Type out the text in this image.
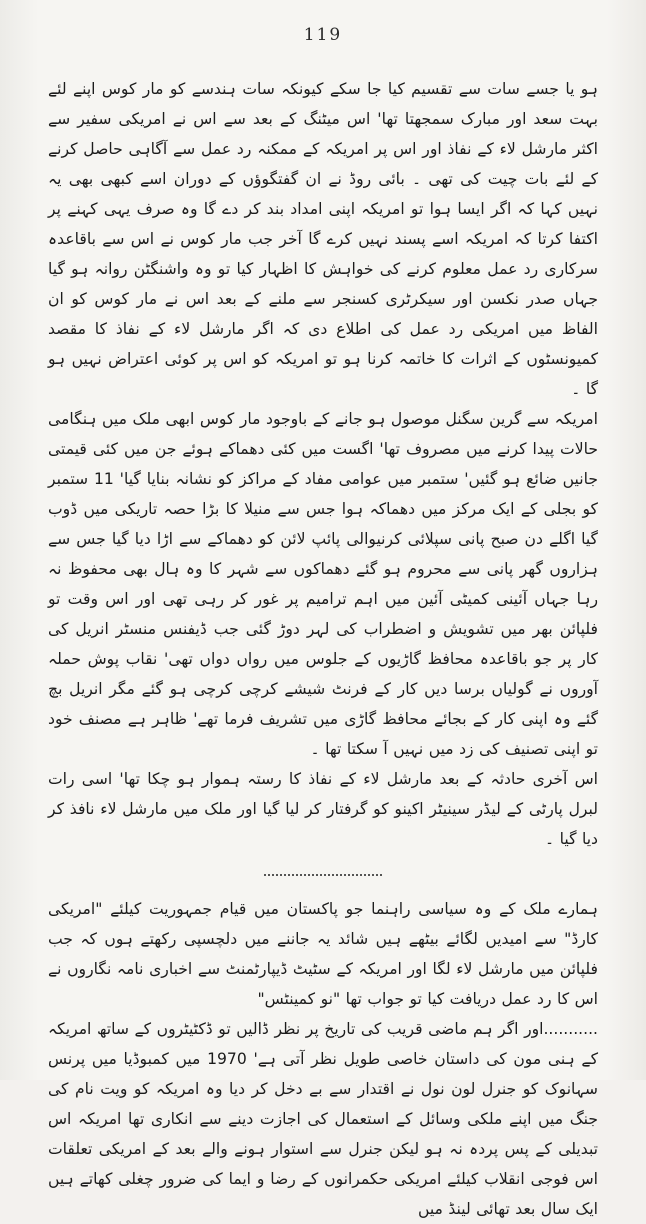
119

ہو یا جسے سات سے تقسیم کیا جا سکے کیونکہ سات ہندسے کو مار کوس اپنے لئے بہت سعد اور مبارک سمجھتا تھا' اس میٹنگ کے بعد سے اس نے امریکی سفیر سے اکثر مارشل لاء کے نفاذ اور اس پر امریکہ کے ممکنہ رد عمل سے آگاہی حاصل کرنے کے لئے بات چیت کی تھی ۔ بائی روڈ نے ان گفتگوؤں کے دوران اسے کبھی بھی یہ نہیں کہا کہ اگر ایسا ہوا تو امریکہ اپنی امداد بند کر دے گا وہ صرف یہی کہنے پر اکتفا کرتا کہ امریکہ اسے پسند نہیں کرے گا آخر جب مار کوس نے اس سے باقاعدہ سرکاری رد عمل معلوم کرنے کی خواہش کا اظہار کیا تو وہ واشنگٹن روانہ ہو گیا جہاں صدر نکسن اور سیکرٹری کسنجر سے ملنے کے بعد اس نے مار کوس کو ان الفاظ میں امریکی رد عمل کی اطلاع دی کہ اگر مارشل لاء کے نفاذ کا مقصد کمیونسٹوں کے اثرات کا خاتمہ کرنا ہو تو امریکہ کو اس پر کوئی اعتراض نہیں ہو گا ۔

امریکہ سے گرین سگنل موصول ہو جانے کے باوجود مار کوس ابھی ملک میں ہنگامی حالات پیدا کرنے میں مصروف تھا' اگست میں کئی دھماکے ہوئے جن میں کئی قیمتی جانیں ضائع ہو گئیں' ستمبر میں عوامی مفاد کے مراکز کو نشانہ بنایا گیا' 11 ستمبر کو بجلی کے ایک مرکز میں دھماکہ ہوا جس سے منیلا کا بڑا حصہ تاریکی میں ڈوب گیا اگلے دن صبح پانی سپلائی کرنیوالی پائپ لائن کو دھماکے سے اڑا دیا گیا جس سے ہزاروں گھر پانی سے محروم ہو گئے دھماکوں سے شہر کا وہ ہال بھی محفوظ نہ رہا جہاں آئینی کمیٹی آئین میں اہم ترامیم پر غور کر رہی تھی اور اس وقت تو فلپائن بھر میں تشویش و اضطراب کی لہر دوڑ گئی جب ڈیفنس منسٹر انریل کی کار پر جو باقاعدہ محافظ گاڑیوں کے جلوس میں رواں دواں تھی' نقاب پوش حملہ آوروں نے گولیاں برسا دیں کار کے فرنٹ شیشے کرچی کرچی ہو گئے مگر انریل بچ گئے وہ اپنی کار کے بجائے محافظ گاڑی میں تشریف فرما تھے' ظاہر ہے مصنف خود تو اپنی تصنیف کی زد میں نہیں آ سکتا تھا ۔

اس آخری حادثہ کے بعد مارشل لاء کے نفاذ کا رستہ ہموار ہو چکا تھا' اسی رات لبرل پارٹی کے لیڈر سینیٹر اکینو کو گرفتار کر لیا گیا اور ملک میں مارشل لاء نافذ کر دیا گیا ۔

ہمارے ملک کے وہ سیاسی راہنما جو پاکستان میں قیام جمہوریت کیلئے "امریکی کارڈ" سے امیدیں لگائے بیٹھے ہیں شائد یہ جاننے میں دلچسپی رکھتے ہوں کہ جب فلپائن میں مارشل لاء لگا اور امریکہ کے سٹیٹ ڈیپارٹمنٹ سے اخباری نامہ نگاروں نے اس کا رد عمل دریافت کیا تو جواب تھا "نو کمینٹس"

...........اور اگر ہم ماضی قریب کی تاریخ پر نظر ڈالیں تو ڈکٹیٹروں کے ساتھ امریکہ کے ہنی مون کی داستان خاصی طویل نظر آتی ہے' 1970 میں کمبوڈیا میں پرنس سہانوک کو جنرل لون نول نے اقتدار سے بے دخل کر دیا وہ امریکہ کو ویت نام کی جنگ میں اپنے ملکی وسائل کے استعمال کی اجازت دینے سے انکاری تھا امریکہ اس تبدیلی کے پس پردہ نہ ہو لیکن جنرل سے استوار ہونے والے بعد کے امریکی تعلقات اس فوجی انقلاب کیلئے امریکی حکمرانوں کے رضا و ایما کی ضرور چغلی کھاتے ہیں ایک سال بعد تھائی لینڈ میں
